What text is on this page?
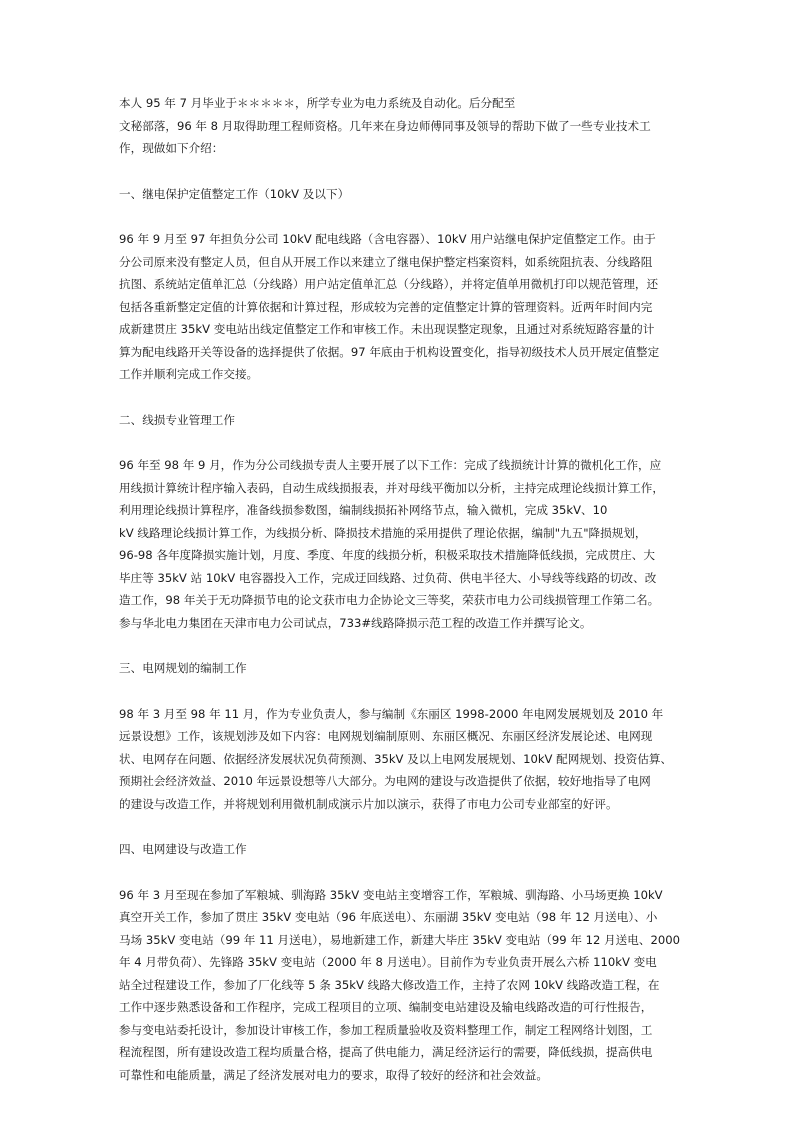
本人 95 年 7 月毕业于＊＊＊＊＊，所学专业为电力系统及自动化。后分配至
文秘部落，96 年 8 月取得助理工程师资格。几年来在身边师傅同事及领导的帮助下做了一些专业技术工
作，现做如下介绍：
一、继电保护定值整定工作（10kV 及以下）
96 年 9 月至 97 年担负分公司 10kV 配电线路（含电容器）、10kV 用户站继电保护定值整定工作。由于
分公司原来没有整定人员，但自从开展工作以来建立了继电保护整定档案资料，如系统阻抗表、分线路阻
抗图、系统站定值单汇总（分线路）用户站定值单汇总（分线路），并将定值单用微机打印以规范管理，还
包括各重新整定定值的计算依据和计算过程，形成较为完善的定值整定计算的管理资料。近两年时间内完
成新建贯庄 35kV 变电站出线定值整定工作和审核工作。未出现误整定现象，且通过对系统短路容量的计
算为配电线路开关等设备的选择提供了依据。97 年底由于机构设置变化，指导初级技术人员开展定值整定
工作并顺利完成工作交接。
二、线损专业管理工作
96 年至 98 年 9 月，作为分公司线损专责人主要开展了以下工作：完成了线损统计计算的微机化工作，应
用线损计算统计程序输入表码，自动生成线损报表，并对母线平衡加以分析，主持完成理论线损计算工作，
利用理论线损计算程序，准备线损参数图，编制线损拓补网络节点，输入微机，完成 35kV、10
kV 线路理论线损计算工作，为线损分析、降损技术措施的采用提供了理论依据，编制"九五"降损规划，
96-98 各年度降损实施计划，月度、季度、年度的线损分析，积极采取技术措施降低线损，完成贯庄、大
毕庄等 35kV 站 10kV 电容器投入工作，完成迂回线路、过负荷、供电半径大、小导线等线路的切改、改
造工作，98 年关于无功降损节电的论文获市电力企协论文三等奖，荣获市电力公司线损管理工作第二名。
参与华北电力集团在天津市电力公司试点，733#线路降损示范工程的改造工作并撰写论文。
三、电网规划的编制工作
98 年 3 月至 98 年 11 月，作为专业负责人，参与编制《东丽区 1998-2000 年电网发展规划及 2010 年
远景设想》工作，该规划涉及如下内容：电网规划编制原则、东丽区概况、东丽区经济发展论述、电网现
状、电网存在问题、依据经济发展状况负荷预测、35kV 及以上电网发展规划、10kV 配网规划、投资估算、
预期社会经济效益、2010 年远景设想等八大部分。为电网的建设与改造提供了依据，较好地指导了电网
的建设与改造工作，并将规划利用微机制成演示片加以演示，获得了市电力公司专业部室的好评。
四、电网建设与改造工作
96 年 3 月至现在参加了军粮城、驯海路 35kV 变电站主变增容工作，军粮城、驯海路、小马场更换 10kV
真空开关工作，参加了贯庄 35kV 变电站（96 年底送电）、东丽湖 35kV 变电站（98 年 12 月送电）、小
马场 35kV 变电站（99 年 11 月送电），易地新建工作，新建大毕庄 35kV 变电站（99 年 12 月送电、2000
年 4 月带负荷）、先锋路 35kV 变电站（2000 年 8 月送电）。目前作为专业负责开展么六桥 110kV 变电
站全过程建设工作，参加了厂化线等 5 条 35kV 线路大修改造工作，主持了农网 10kV 线路改造工程，在
工作中逐步熟悉设备和工作程序，完成工程项目的立项、编制变电站建设及输电线路改造的可行性报告，
参与变电站委托设计，参加设计审核工作，参加工程质量验收及资料整理工作，制定工程网络计划图，工
程流程图，所有建设改造工程均质量合格，提高了供电能力，满足经济运行的需要，降低线损，提高供电
可靠性和电能质量，满足了经济发展对电力的要求，取得了较好的经济和社会效益。
